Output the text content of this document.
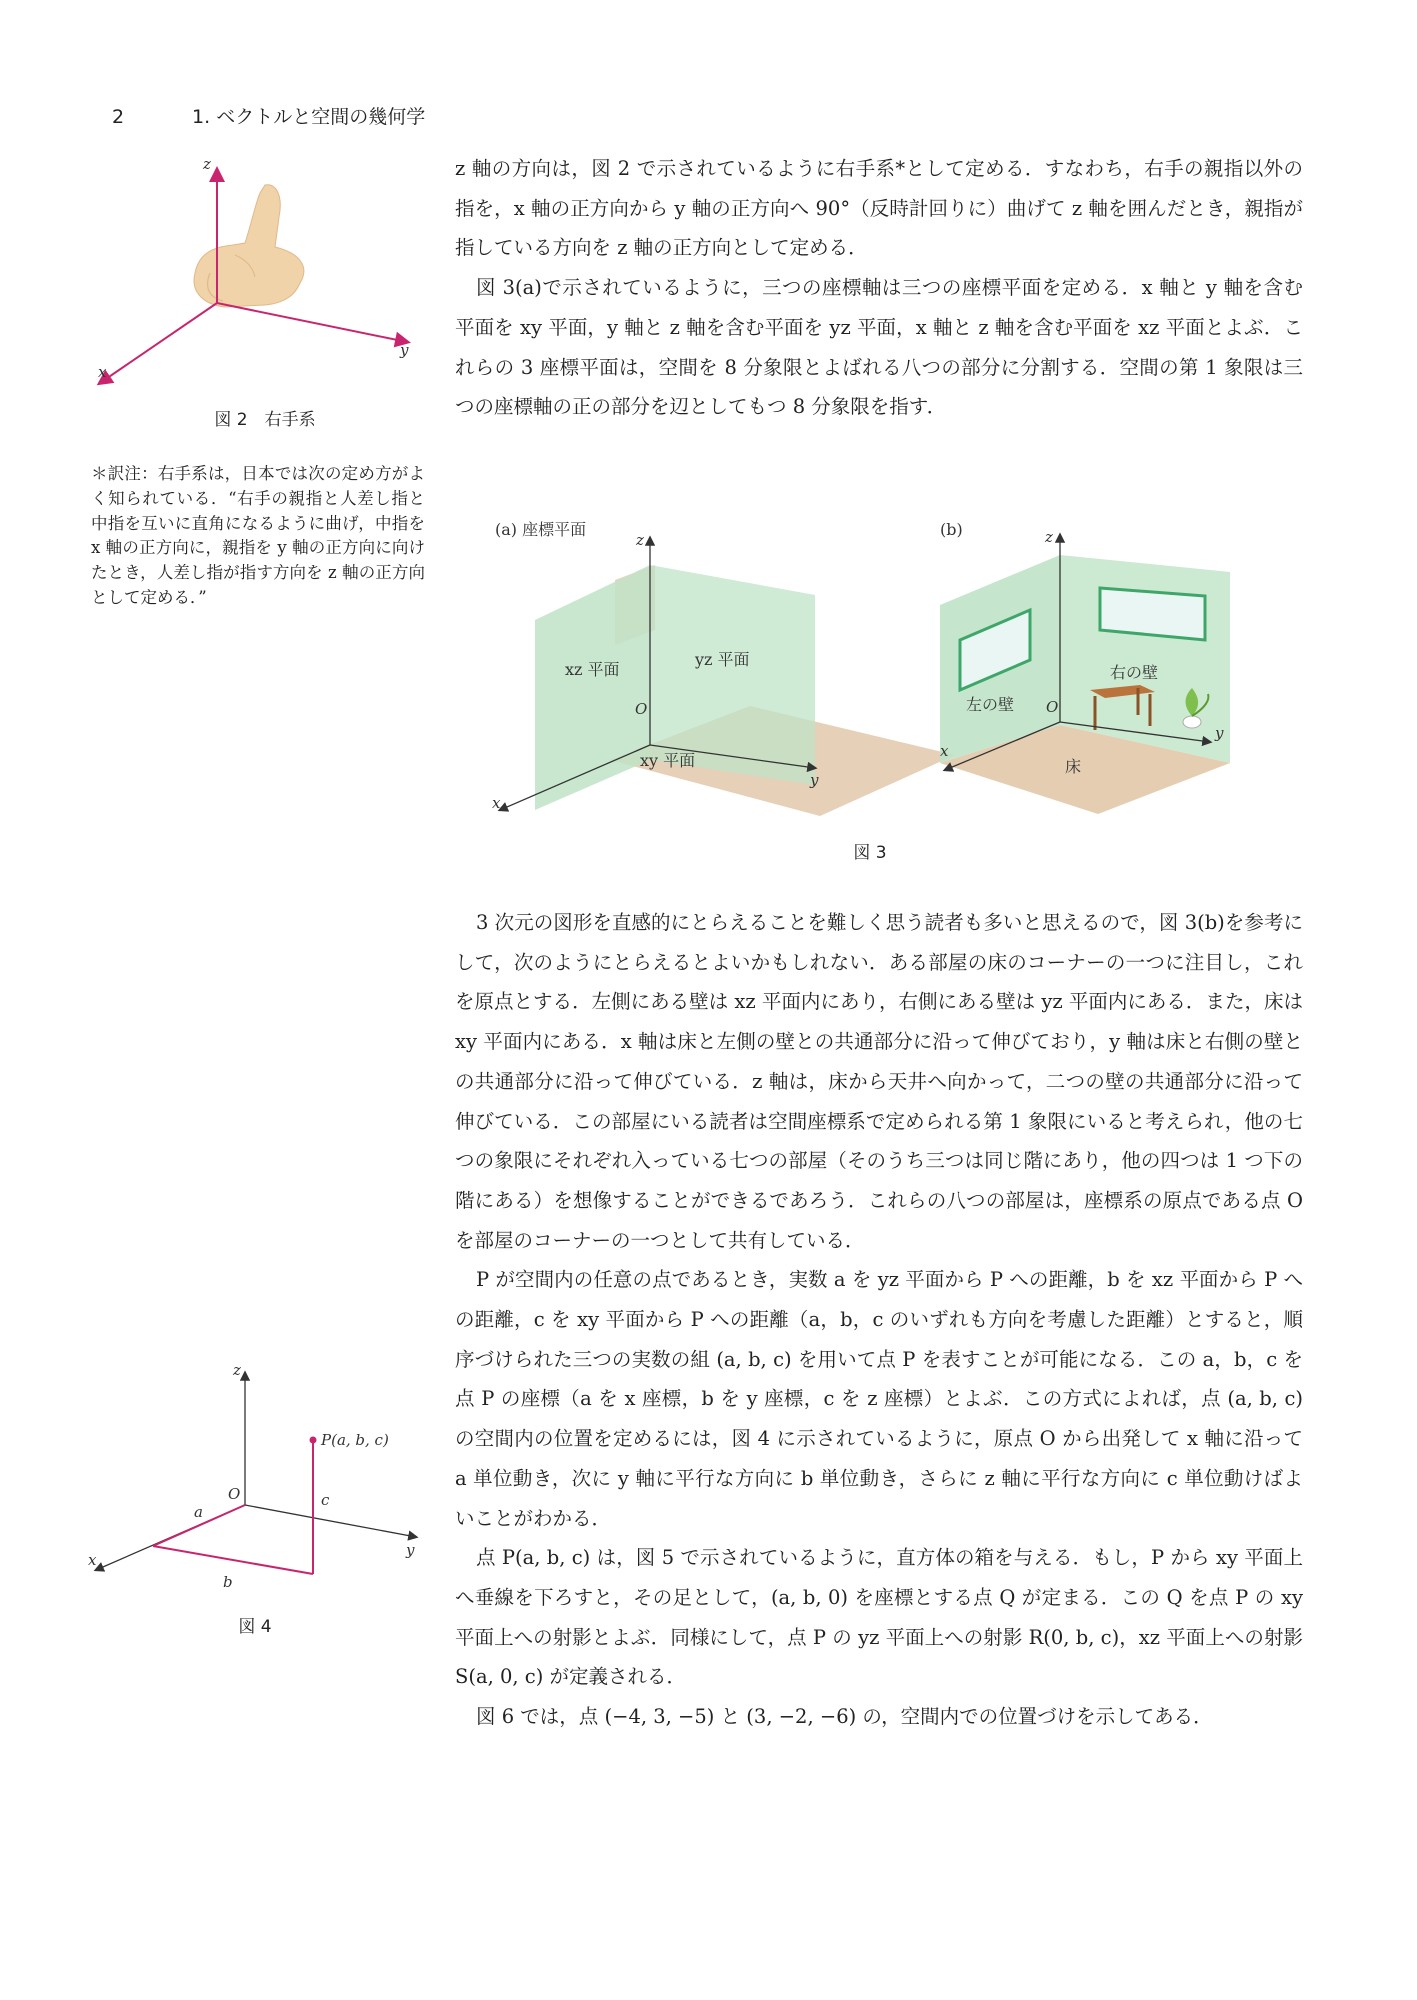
2	1. ベクトルと空間の幾何学
z
y
x
図 2　右手系
＊訳注：右手系は，日本では次の定め方がよく知られている．“右手の親指と人差し指と中指を互いに直角になるように曲げ，中指を x 軸の正方向に，親指を y 軸の正方向に向けたとき，人差し指が指す方向を z 軸の正方向として定める．”

z 軸の方向は，図 2 で示されているように右手系*として定める．すなわち，右手の親指以外の指を，x 軸の正方向から y 軸の正方向へ 90°（反時計回りに）曲げて z 軸を囲んだとき，親指が指している方向を z 軸の正方向として定める．

図 3(a)で示されているように，三つの座標軸は三つの座標平面を定める．x 軸と y 軸を含む平面を xy 平面，y 軸と z 軸を含む平面を yz 平面，x 軸と z 軸を含む平面を xz 平面とよぶ．これらの 3 座標平面は，空間を 8 分象限とよばれる八つの部分に分割する．空間の第 1 象限は三つの座標軸の正の部分を辺としてもつ 8 分象限を指す．

(a) 座標平面
z
y
x
O
xz 平面
yz 平面
xy 平面
(b)	z
y
x
O
左の壁
右の壁
床
図 3

3 次元の図形を直感的にとらえることを難しく思う読者も多いと思えるので，図 3(b)を参考にして，次のようにとらえるとよいかもしれない．ある部屋の床のコーナーの一つに注目し，これを原点とする．左側にある壁は xz 平面内にあり，右側にある壁は yz 平面内にある．また，床は xy 平面内にある．x 軸は床と左側の壁との共通部分に沿って伸びており，y 軸は床と右側の壁との共通部分に沿って伸びている．z 軸は，床から天井へ向かって，二つの壁の共通部分に沿って伸びている．この部屋にいる読者は空間座標系で定められる第 1 象限にいると考えられ，他の七つの象限にそれぞれ入っている七つの部屋（そのうち三つは同じ階にあり，他の四つは 1 つ下の階にある）を想像することができるであろう．これらの八つの部屋は，座標系の原点である点 O を部屋のコーナーの一つとして共有している．

P が空間内の任意の点であるとき，実数 a を yz 平面から P への距離，b を xz 平面から P への距離，c を xy 平面から P への距離（a，b，c のいずれも方向を考慮した距離）とすると，順序づけられた三つの実数の組 (a, b, c) を用いて点 P を表すことが可能になる．この a，b，c を点 P の座標（a を x 座標，b を y 座標，c を z 座標）とよぶ．この方式によれば，点 (a, b, c) の空間内の位置を定めるには，図 4 に示されているように，原点 O から出発して x 軸に沿って a 単位動き，次に y 軸に平行な方向に b 単位動き，さらに z 軸に平行な方向に c 単位動けばよいことがわかる．

点 P(a, b, c) は，図 5 で示されているように，直方体の箱を与える．もし，P から xy 平面上へ垂線を下ろすと，その足として，(a, b, 0) を座標とする点 Q が定まる．この Q を点 P の xy 平面上への射影とよぶ．同様にして，点 P の yz 平面上への射影 R(0, b, c)，xz 平面上への射影 S(a, 0, c) が定義される．

図 6 では，点 (−4, 3, −5) と (3, −2, −6) の，空間内での位置づけを示してある．

z
y
x
O
P(a, b, c)
a
b
c
図 4
